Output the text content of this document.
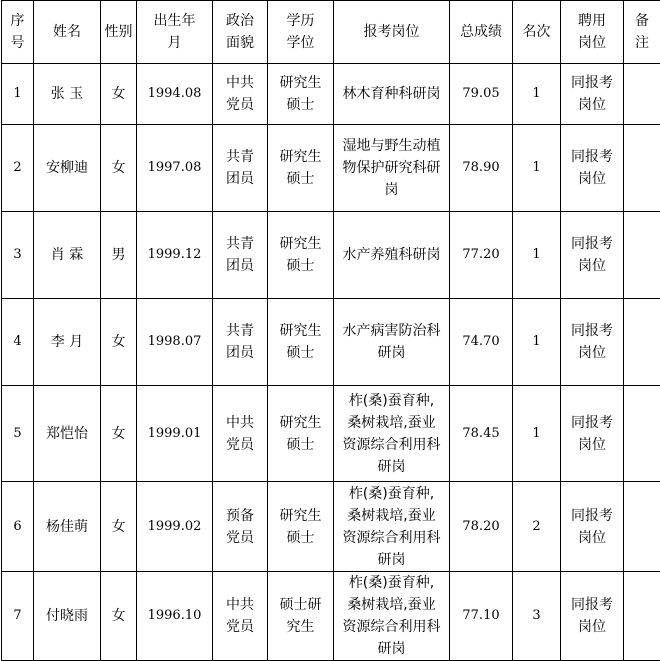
序号	姓名	性别	出生年月	政治面貌	学历学位	报考岗位	总成绩	名次	聘用岗位	备注
1	张 玉	女	1994.08	中共党员	研究生硕士	林木育种科研岗	79.05	1	同报考岗位	
2	安柳迪	女	1997.08	共青团员	研究生硕士	湿地与野生动植物保护研究科研岗	78.90	1	同报考岗位	
3	肖 霖	男	1999.12	共青团员	研究生硕士	水产养殖科研岗	77.20	1	同报考岗位	
4	李 月	女	1998.07	共青团员	研究生硕士	水产病害防治科研岗	74.70	1	同报考岗位	
5	郑恺怡	女	1999.01	中共党员	研究生硕士	柞(桑)蚕育种,桑树栽培,蚕业资源综合利用科研岗	78.45	1	同报考岗位	
6	杨佳萌	女	1999.02	预备党员	研究生硕士	柞(桑)蚕育种,桑树栽培,蚕业资源综合利用科研岗	78.20	2	同报考岗位	
7	付晓雨	女	1996.10	中共党员	硕士研究生	柞(桑)蚕育种,桑树栽培,蚕业资源综合利用科研岗	77.10	3	同报考岗位	
